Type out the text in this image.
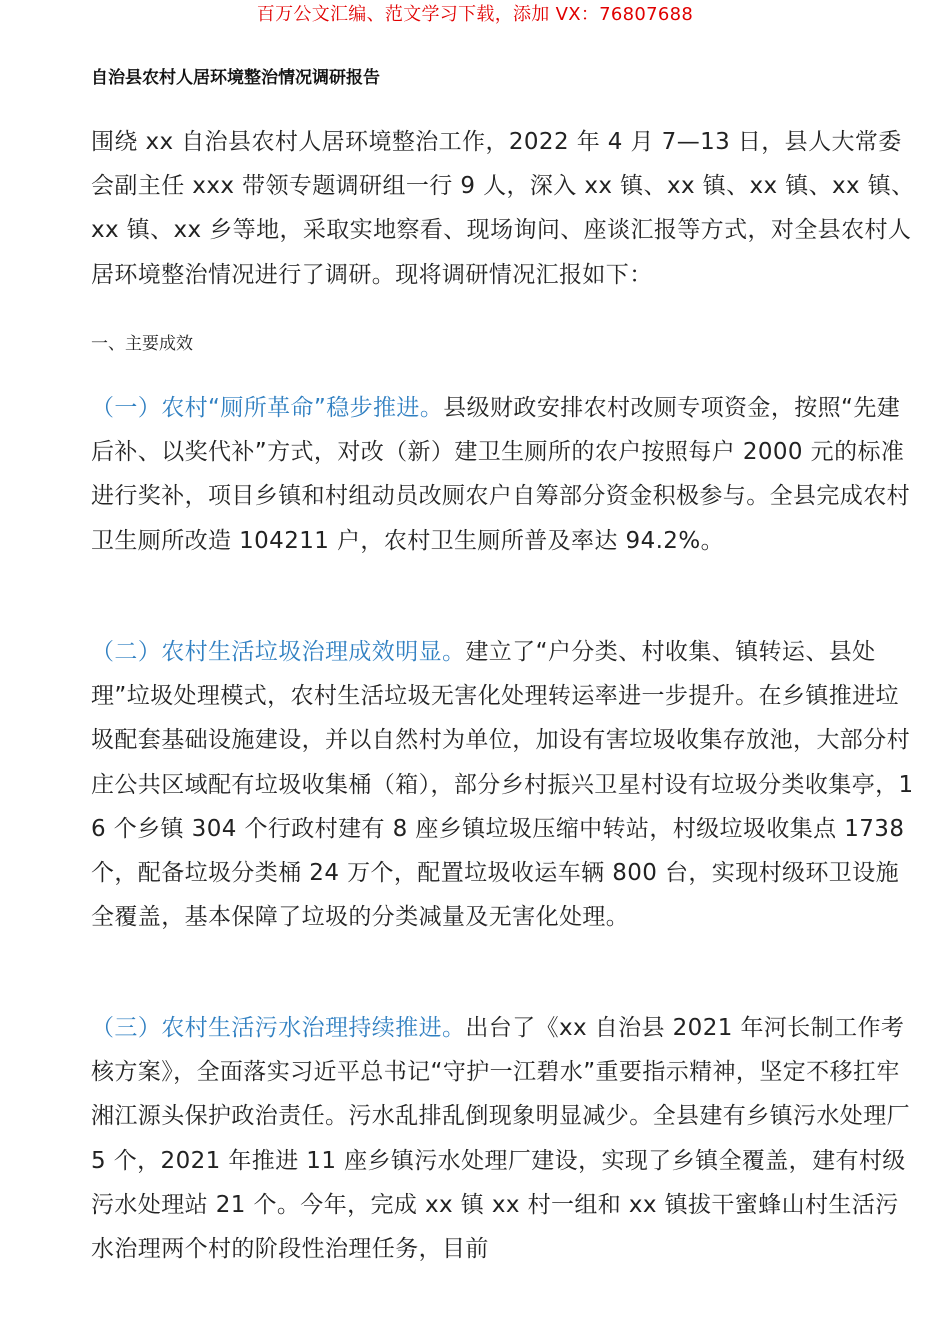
百万公文汇编、范文学习下载，添加 VX：76807688
自治县农村人居环境整治情况调研报告

围绕 xx 自治县农村人居环境整治工作，2022 年 4 月 7—13 日，县人大常委会副主任 xxx 带领专题调研组一行 9 人，深入 xx 镇、xx 镇、xx 镇、xx 镇、xx 镇、xx 乡等地，采取实地察看、现场询问、座谈汇报等方式，对全县农村人居环境整治情况进行了调研。现将调研情况汇报如下：

一、主要成效

（一）农村“厕所革命”稳步推进。县级财政安排农村改厕专项资金，按照“先建后补、以奖代补”方式，对改（新）建卫生厕所的农户按照每户 2000 元的标准进行奖补，项目乡镇和村组动员改厕农户自筹部分资金积极参与。全县完成农村卫生厕所改造 104211 户，农村卫生厕所普及率达 94.2%。

（二）农村生活垃圾治理成效明显。建立了“户分类、村收集、镇转运、县处理”垃圾处理模式，农村生活垃圾无害化处理转运率进一步提升。在乡镇推进垃圾配套基础设施建设，并以自然村为单位，加设有害垃圾收集存放池，大部分村庄公共区域配有垃圾收集桶（箱），部分乡村振兴卫星村设有垃圾分类收集亭，16 个乡镇 304 个行政村建有 8 座乡镇垃圾压缩中转站，村级垃圾收集点 1738 个，配备垃圾分类桶 24 万个，配置垃圾收运车辆 800 台，实现村级环卫设施全覆盖，基本保障了垃圾的分类减量及无害化处理。

（三）农村生活污水治理持续推进。出台了《xx 自治县 2021 年河长制工作考核方案》，全面落实习近平总书记“守护一江碧水”重要指示精神，坚定不移扛牢湘江源头保护政治责任。污水乱排乱倒现象明显减少。全县建有乡镇污水处理厂 5 个，2021 年推进 11 座乡镇污水处理厂建设，实现了乡镇全覆盖，建有村级污水处理站 21 个。今年，完成 xx 镇 xx 村一组和 xx 镇拔干蜜蜂山村生活污水治理两个村的阶段性治理任务，目前
